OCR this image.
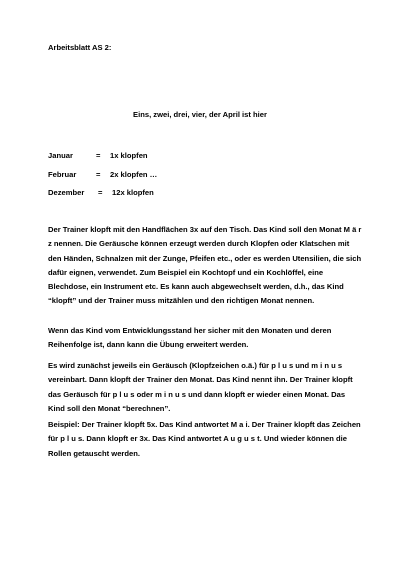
Arbeitsblatt AS 2:
Eins, zwei, drei, vier, der April ist hier
Januar	= 1x klopfen
Februar	= 2x klopfen …
Dezember = 12x klopfen

Der Trainer klopft mit den Handflächen 3x auf den Tisch. Das Kind soll den Monat M ä r z nennen. Die Geräusche können erzeugt werden durch Klopfen oder Klatschen mit den Händen, Schnalzen mit der Zunge, Pfeifen etc., oder es werden Utensilien, die sich dafür eignen, verwendet. Zum Beispiel ein Kochtopf und ein Kochlöffel, eine Blechdose, ein Instrument etc. Es kann auch abgewechselt werden, d.h., das Kind “klopft” und der Trainer muss mitzählen und den richtigen Monat nennen.

Wenn das Kind vom Entwicklungsstand her sicher mit den Monaten und deren Reihenfolge ist, dann kann die Übung erweitert werden.

Es wird zunächst jeweils ein Geräusch (Klopfzeichen o.ä.) für p l u s und m i n u s vereinbart. Dann klopft der Trainer den Monat. Das Kind nennt ihn. Der Trainer klopft das Geräusch für p l u s oder m i n u s und dann klopft er wieder einen Monat. Das Kind soll den Monat “berechnen”.

Beispiel: Der Trainer klopft 5x. Das Kind antwortet M a i. Der Trainer klopft das Zeichen für p l u s. Dann klopft er 3x. Das Kind antwortet A u g u s t. Und wieder können die Rollen getauscht werden.
